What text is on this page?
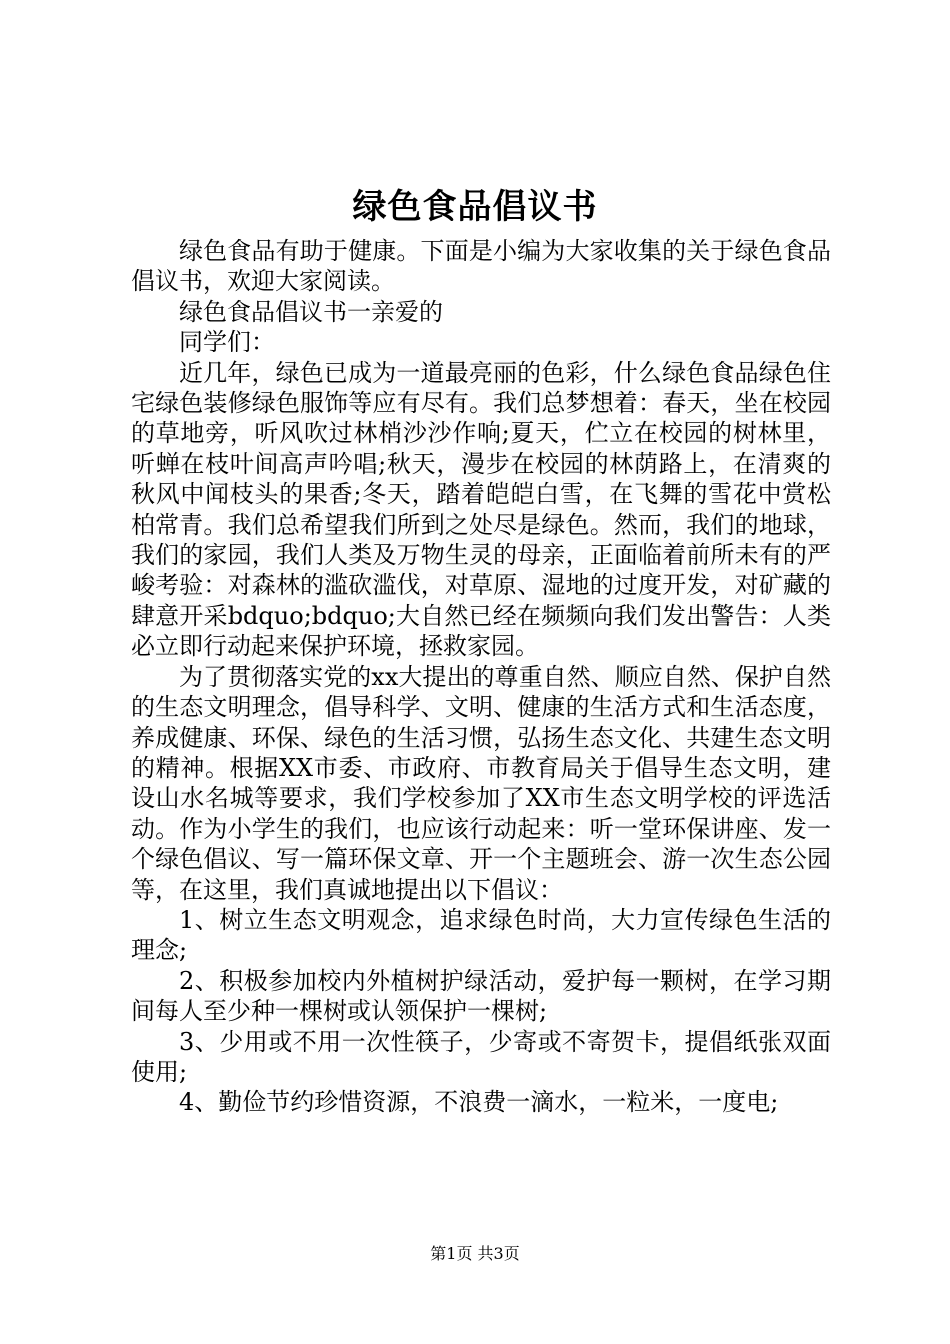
绿色食品倡议书

绿色食品有助于健康。下面是小编为大家收集的关于绿色食品倡议书，欢迎大家阅读。

绿色食品倡议书一亲爱的

同学们：

近几年，绿色已成为一道最亮丽的色彩，什么绿色食品绿色住宅绿色装修绿色服饰等应有尽有。我们总梦想着：春天，坐在校园的草地旁，听风吹过林梢沙沙作响;夏天，伫立在校园的树林里，听蝉在枝叶间高声吟唱;秋天，漫步在校园的林荫路上，在清爽的秋风中闻枝头的果香;冬天，踏着皑皑白雪，在飞舞的雪花中赏松柏常青。我们总希望我们所到之处尽是绿色。然而，我们的地球，我们的家园，我们人类及万物生灵的母亲，正面临着前所未有的严峻考验：对森林的滥砍滥伐，对草原、湿地的过度开发，对矿藏的肆意开采bdquo;bdquo;大自然已经在频频向我们发出警告：人类必立即行动起来保护环境，拯救家园。

为了贯彻落实党的xx大提出的尊重自然、顺应自然、保护自然的生态文明理念，倡导科学、文明、健康的生活方式和生活态度，养成健康、环保、绿色的生活习惯，弘扬生态文化、共建生态文明的精神。根据XX市委、市政府、市教育局关于倡导生态文明，建设山水名城等要求，我们学校参加了XX市生态文明学校的评选活动。作为小学生的我们，也应该行动起来：听一堂环保讲座、发一个绿色倡议、写一篇环保文章、开一个主题班会、游一次生态公园等，在这里，我们真诚地提出以下倡议：

1、树立生态文明观念，追求绿色时尚，大力宣传绿色生活的理念;

2、积极参加校内外植树护绿活动，爱护每一颗树，在学习期间每人至少种一棵树或认领保护一棵树;

3、少用或不用一次性筷子，少寄或不寄贺卡，提倡纸张双面使用;

4、勤俭节约珍惜资源，不浪费一滴水，一粒米，一度电;

第1页 共3页
